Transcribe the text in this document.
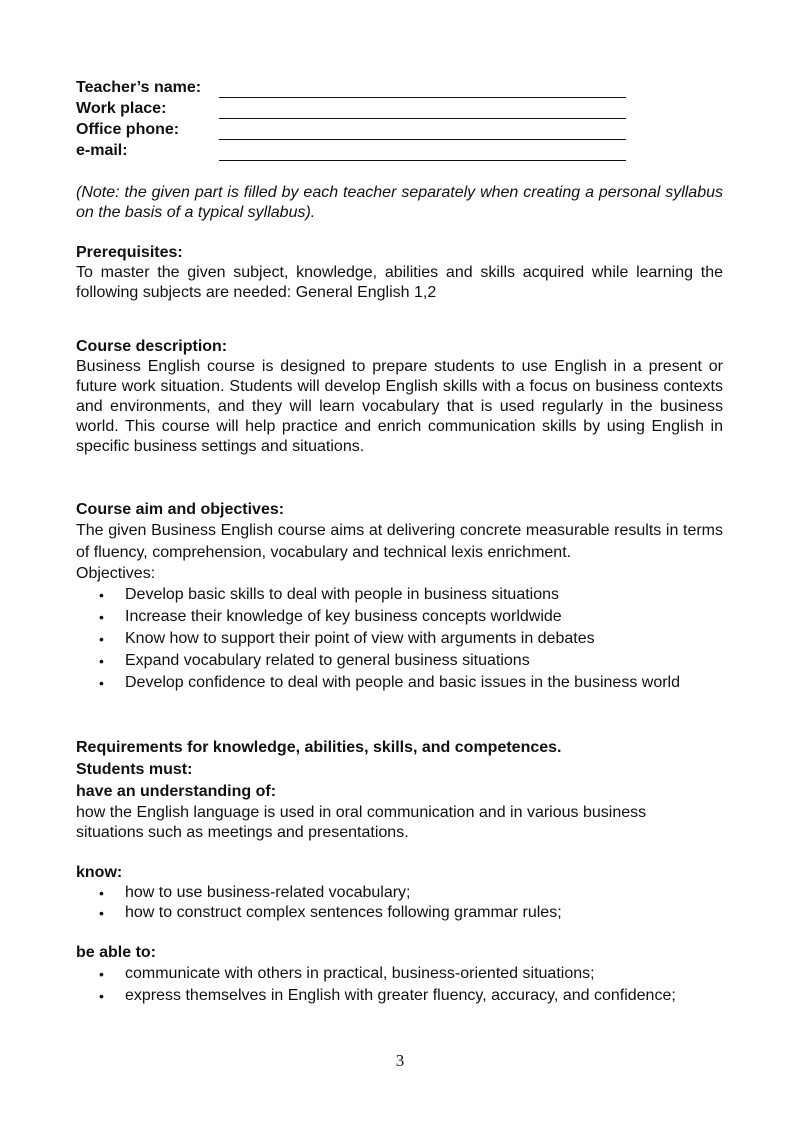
Teacher’s name:	
Work place:	
Office phone:	
e-mail:	
(Note: the given part is filled by each teacher separately when creating a personal syllabus on the basis of a typical syllabus).
Prerequisites:
To master the given subject, knowledge, abilities and skills acquired while learning the following subjects are needed: General English 1,2
Course description:
Business English course is designed to prepare students to use English in a present or future work situation. Students will develop English skills with a focus on business contexts and environments, and they will learn vocabulary that is used regularly in the business world. This course will help practice and enrich communication skills by using English in specific business settings and situations.
Course aim and objectives:
The given Business English course aims at delivering concrete measurable results in terms of fluency, comprehension, vocabulary and technical lexis enrichment.
Objectives:
• Develop basic skills to deal with people in business situations
• Increase their knowledge of key business concepts worldwide
• Know how to support their point of view with arguments in debates
• Expand vocabulary related to general business situations
• Develop confidence to deal with people and basic issues in the business world
Requirements for knowledge, abilities, skills, and competences.
Students must:
have an understanding of:
how the English language is used in oral communication and in various business situations such as meetings and presentations.
know:
• how to use business-related vocabulary;
• how to construct complex sentences following grammar rules;
be able to:
• communicate with others in practical, business-oriented situations;
• express themselves in English with greater fluency, accuracy, and confidence;
3
